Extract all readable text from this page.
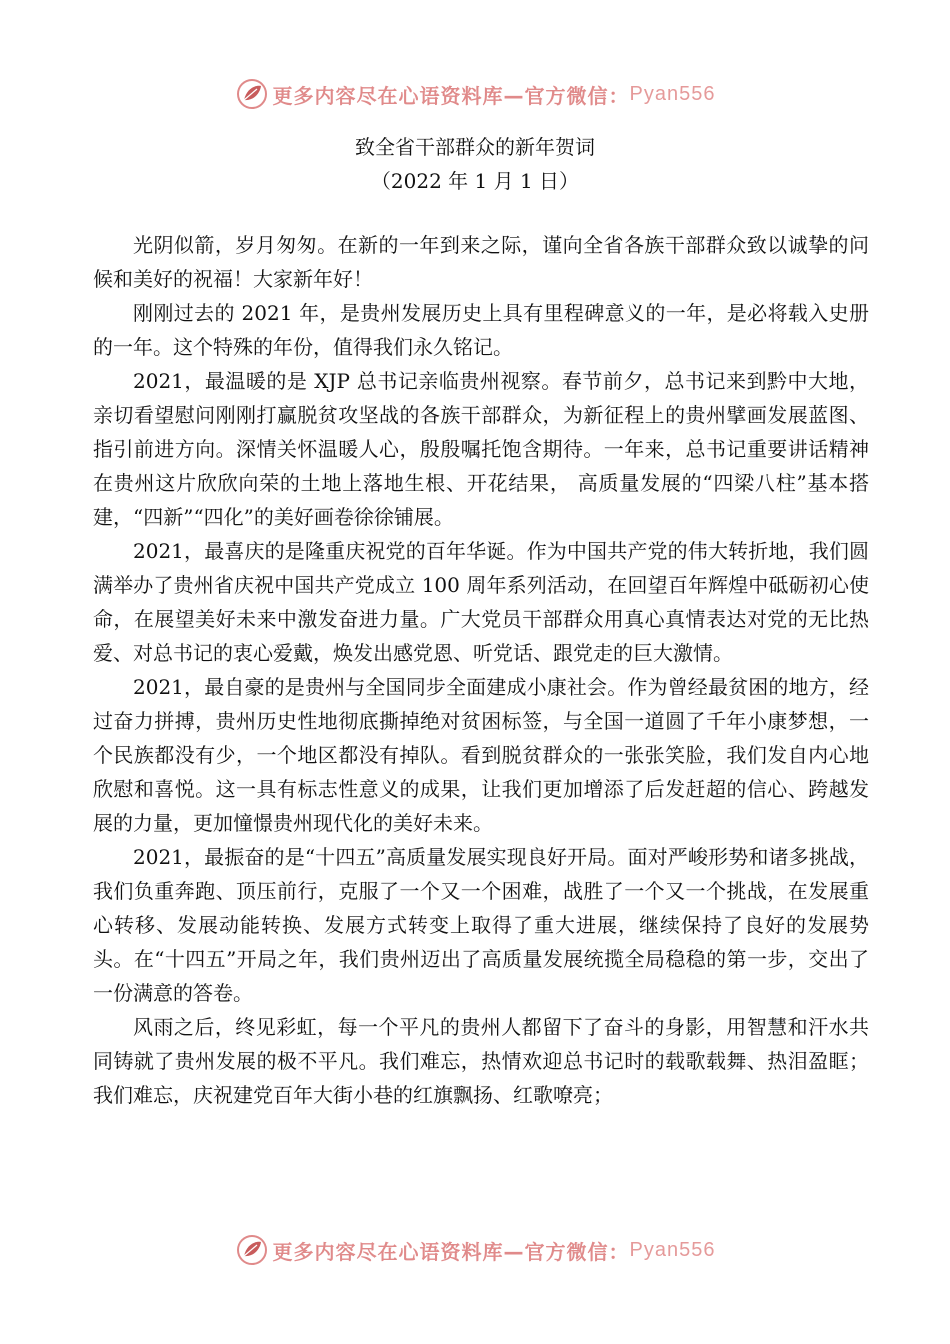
更多内容尽在心语资料库—官方微信： Pyan556
致全省干部群众的新年贺词
（2022 年 1 月 1 日）

光阴似箭，岁月匆匆。在新的一年到来之际，谨向全省各族干部群众致以诚挚的问候和美好的祝福！大家新年好！

刚刚过去的 2021 年，是贵州发展历史上具有里程碑意义的一年，是必将载入史册的一年。这个特殊的年份，值得我们永久铭记。

2021，最温暖的是 XJP 总书记亲临贵州视察。春节前夕，总书记来到黔中大地，亲切看望慰问刚刚打赢脱贫攻坚战的各族干部群众，为新征程上的贵州擘画发展蓝图、指引前进方向。深情关怀温暖人心，殷殷嘱托饱含期待。一年来，总书记重要讲话精神在贵州这片欣欣向荣的土地上落地生根、开花结果， 高质量发展的“四梁八柱”基本搭建，“四新”“四化”的美好画卷徐徐铺展。

2021，最喜庆的是隆重庆祝党的百年华诞。作为中国共产党的伟大转折地，我们圆满举办了贵州省庆祝中国共产党成立 100 周年系列活动，在回望百年辉煌中砥砺初心使命，在展望美好未来中激发奋进力量。广大党员干部群众用真心真情表达对党的无比热爱、对总书记的衷心爱戴，焕发出感党恩、听党话、跟党走的巨大激情。

2021，最自豪的是贵州与全国同步全面建成小康社会。作为曾经最贫困的地方，经过奋力拼搏，贵州历史性地彻底撕掉绝对贫困标签，与全国一道圆了千年小康梦想，一个民族都没有少，一个地区都没有掉队。看到脱贫群众的一张张笑脸，我们发自内心地欣慰和喜悦。这一具有标志性意义的成果，让我们更加增添了后发赶超的信心、跨越发展的力量，更加憧憬贵州现代化的美好未来。

2021，最振奋的是“十四五”高质量发展实现良好开局。面对严峻形势和诸多挑战，我们负重奔跑、顶压前行，克服了一个又一个困难，战胜了一个又一个挑战，在发展重心转移、发展动能转换、发展方式转变上取得了重大进展，继续保持了良好的发展势头。在“十四五”开局之年，我们贵州迈出了高质量发展统揽全局稳稳的第一步，交出了一份满意的答卷。

风雨之后，终见彩虹，每一个平凡的贵州人都留下了奋斗的身影，用智慧和汗水共同铸就了贵州发展的极不平凡。我们难忘，热情欢迎总书记时的载歌载舞、热泪盈眶；我们难忘，庆祝建党百年大街小巷的红旗飘扬、红歌嘹亮；

更多内容尽在心语资料库—官方微信： Pyan556
